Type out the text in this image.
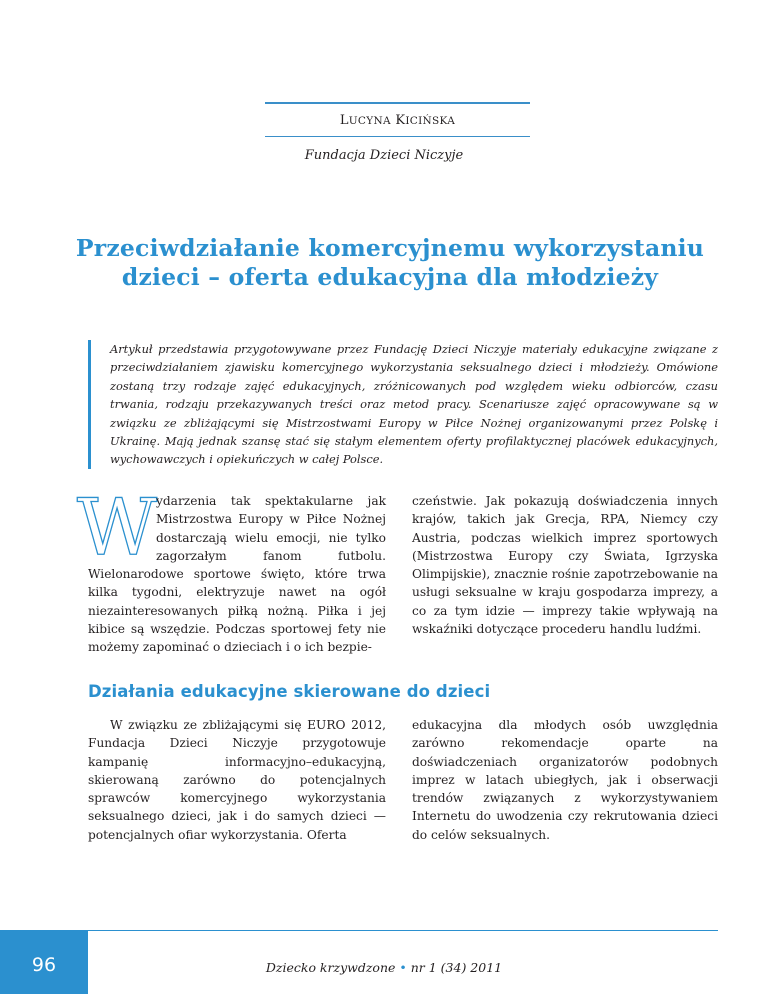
LUCYNA KICIŃSKA
Fundacja Dzieci Niczyje
Przeciwdziałanie komercyjnemu wykorzystaniu
dzieci – oferta edukacyjna dla młodzieży

Artykuł przedstawia przygotowywane przez Fundację Dzieci Niczyje materiały edukacyjne związane z przeciwdziałaniem zjawisku komercyjnego wykorzystania seksualnego dzieci i młodzieży. Omówione zostaną trzy rodzaje zajęć edukacyjnych, zróżnicowanych pod względem wieku odbiorców, czasu trwania, rodzaju przekazywanych treści oraz metod pracy. Scenariusze zajęć opracowywane są w związku ze zbliżającymi się Mistrzostwami Europy w Piłce Nożnej organizowanymi przez Polskę i Ukrainę. Mają jednak szansę stać się stałym elementem oferty profilaktycznej placówek edukacyjnych, wychowawczych i opiekuńczych w całej Polsce.

W

ydarzenia tak spektakularne jak Mistrzostwa Europy w Piłce Nożnej dostarczają wielu emocji, nie tylko zagorzałym fanom futbolu. Wielonarodowe sportowe święto, które trwa kilka tygodni, elektryzuje nawet na ogół niezainteresowanych piłką nożną. Piłka i jej kibice są wszędzie. Podczas sportowej fety nie możemy zapominać o dzieciach i o ich bezpie-

czeństwie. Jak pokazują doświadczenia innych krajów, takich jak Grecja, RPA, Niemcy czy Austria, podczas wielkich imprez sportowych (Mistrzostwa Europy czy Świata, Igrzyska Olimpijskie), znacznie rośnie zapotrzebowanie na usługi seksualne w kraju gospodarza imprezy, a co za tym idzie — imprezy takie wpływają na wskaźniki dotyczące procederu handlu ludźmi.

Działania edukacyjne skierowane do dzieci

W związku ze zbliżającymi się EURO 2012, Fundacja Dzieci Niczyje przygotowuje kampanię informacyjno–edukacyjną, skierowaną zarówno do potencjalnych sprawców komercyjnego wykorzystania seksualnego dzieci, jak i do samych dzieci — potencjalnych ofiar wykorzystania. Oferta

edukacyjna dla młodych osób uwzględnia zarówno rekomendacje oparte na doświadczeniach organizatorów podobnych imprez w latach ubiegłych, jak i obserwacji trendów związanych z wykorzystywaniem Internetu do uwodzenia czy rekrutowania dzieci do celów seksualnych.

96	Dziecko krzywdzone • nr 1 (34) 2011
